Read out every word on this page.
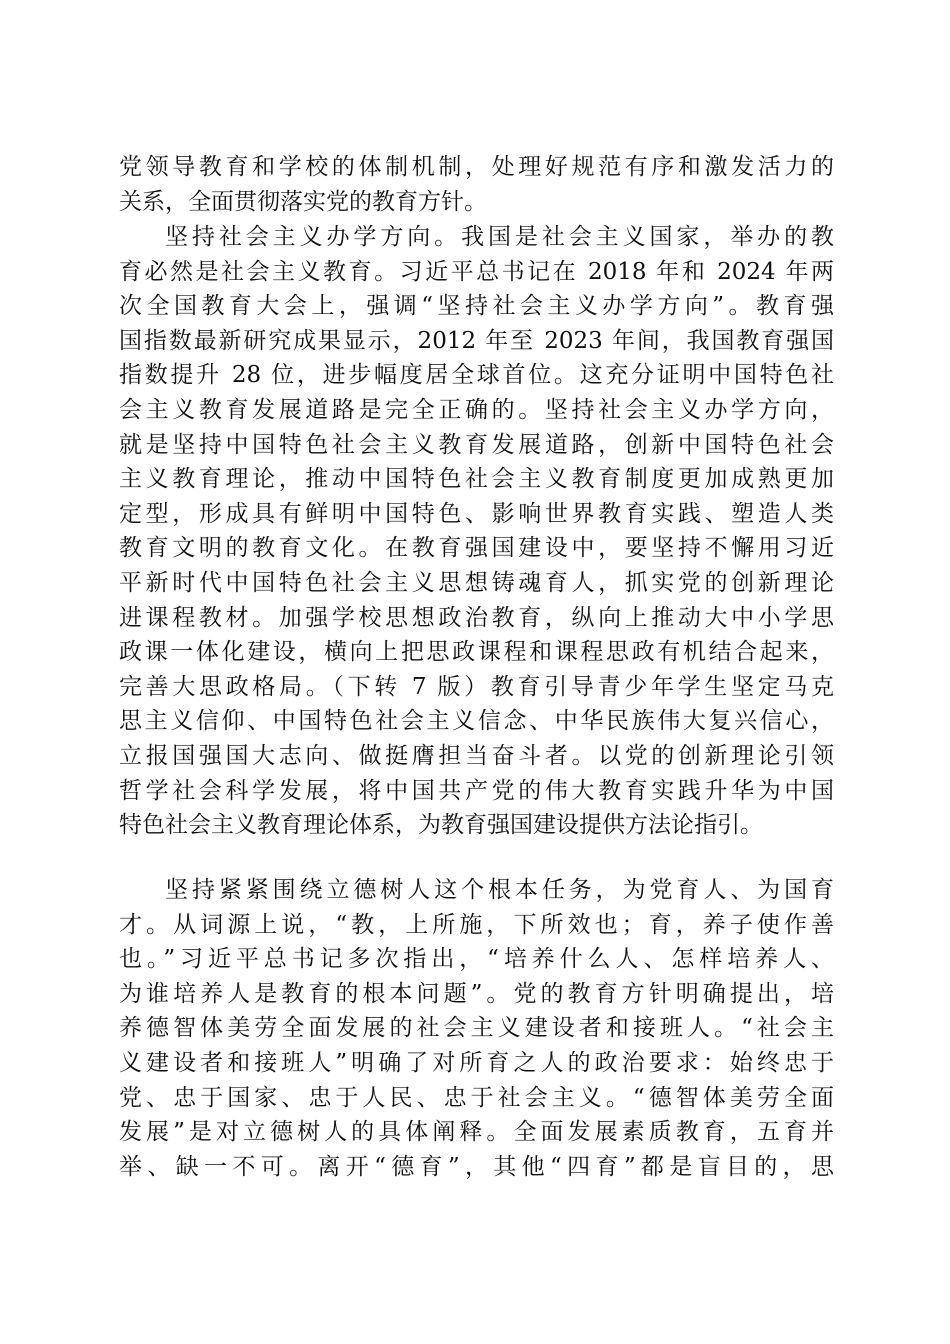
党领导教育和学校的体制机制，处理好规范有序和激发活力的
关系，全面贯彻落实党的教育方针。
坚持社会主义办学方向。我国是社会主义国家，举办的教
育必然是社会主义教育。习近平总书记在 2018 年和 2024 年两
次全国教育大会上，强调“坚持社会主义办学方向”。教育强
国指数最新研究成果显示，2012 年至 2023 年间，我国教育强国
指数提升 28 位，进步幅度居全球首位。这充分证明中国特色社
会主义教育发展道路是完全正确的。坚持社会主义办学方向，
就是坚持中国特色社会主义教育发展道路，创新中国特色社会
主义教育理论，推动中国特色社会主义教育制度更加成熟更加
定型，形成具有鲜明中国特色、影响世界教育实践、塑造人类
教育文明的教育文化。在教育强国建设中，要坚持不懈用习近
平新时代中国特色社会主义思想铸魂育人，抓实党的创新理论
进课程教材。加强学校思想政治教育，纵向上推动大中小学思
政课一体化建设，横向上把思政课程和课程思政有机结合起来，
完善大思政格局。（下转 7 版）教育引导青少年学生坚定马克
思主义信仰、中国特色社会主义信念、中华民族伟大复兴信心，
立报国强国大志向、做挺膺担当奋斗者。以党的创新理论引领
哲学社会科学发展，将中国共产党的伟大教育实践升华为中国
特色社会主义教育理论体系，为教育强国建设提供方法论指引。
坚持紧紧围绕立德树人这个根本任务，为党育人、为国育
才。从词源上说，“教，上所施，下所效也；育，养子使作善
也。”习近平总书记多次指出，“培养什么人、怎样培养人、
为谁培养人是教育的根本问题”。党的教育方针明确提出，培
养德智体美劳全面发展的社会主义建设者和接班人。“社会主
义建设者和接班人”明确了对所育之人的政治要求：始终忠于
党、忠于国家、忠于人民、忠于社会主义。“德智体美劳全面
发展”是对立德树人的具体阐释。全面发展素质教育，五育并
举、缺一不可。离开“德育”，其他“四育”都是盲目的，思
